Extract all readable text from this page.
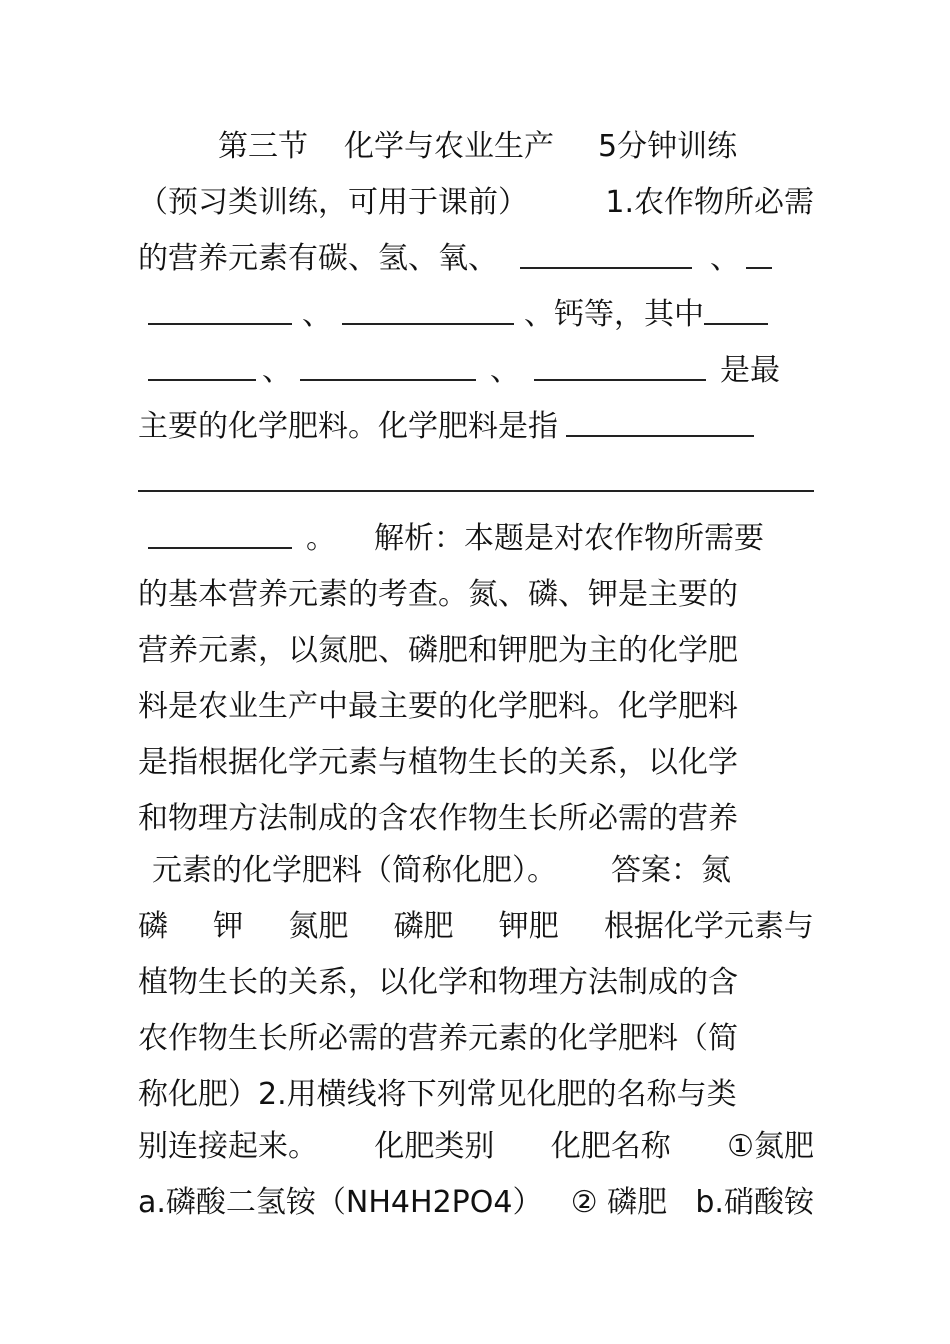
第三节 化学与农业生产 5分钟训练
（预习类训练，可用于课前）	1.农作物所必需
的营养元素有碳、氢、氧、	、
、	、钙等，其中
、	、	是最
主要的化学肥料。化学肥料是指
。 解析：本题是对农作物所需要
的基本营养元素的考查。氮、磷、钾是主要的
营养元素，以氮肥、磷肥和钾肥为主的化学肥
料是农业生产中最主要的化学肥料。化学肥料
是指根据化学元素与植物生长的关系，以化学
和物理方法制成的含农作物生长所必需的营养
元素的化学肥料（简称化肥）。 答案：氮
磷 钾 氮肥 磷肥 钾肥 根据化学元素与
植物生长的关系，以化学和物理方法制成的含
农作物生长所必需的营养元素的化学肥料（简
称化肥）2.用横线将下列常见化肥的名称与类
别连接起来。 化肥类别 化肥名称 ①氮肥
a.磷酸二氢铵（NH4H2PO4） ② 磷肥 b.硝酸铵
